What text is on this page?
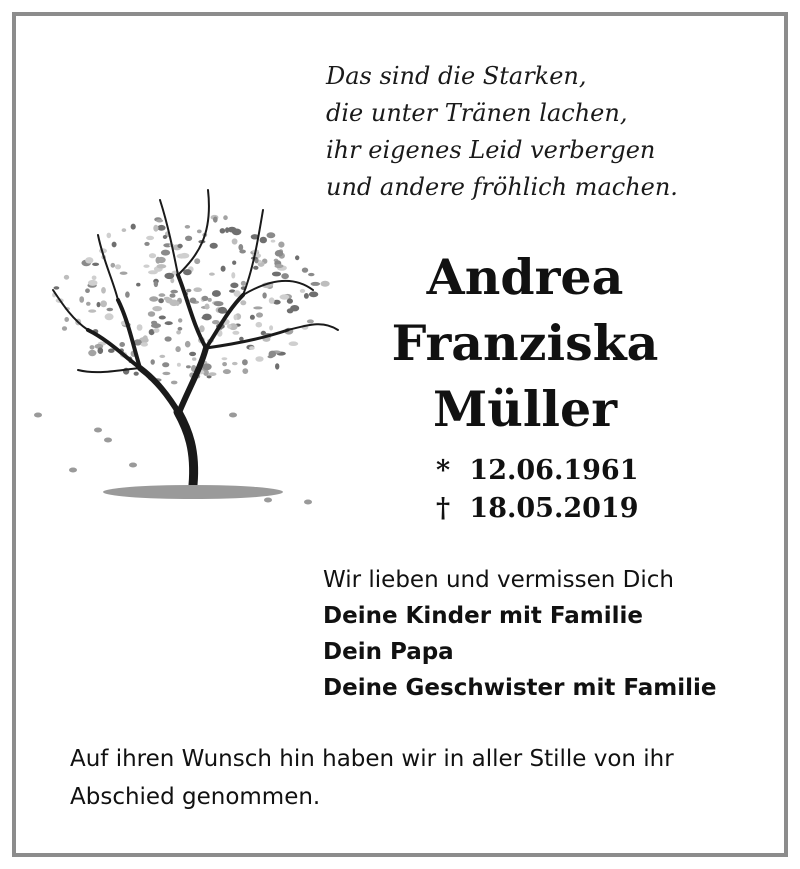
Das sind die Starken,
die unter Tränen lachen,
ihr eigenes Leid verbergen
und andere fröhlich machen.
Andrea
Franziska
Müller
* 12.06.1961
† 18.05.2019
Wir lieben und vermissen Dich
Deine Kinder mit Familie
Dein Papa
Deine Geschwister mit Familie
Auf ihren Wunsch hin haben wir in aller Stille von ihr Abschied genommen.
